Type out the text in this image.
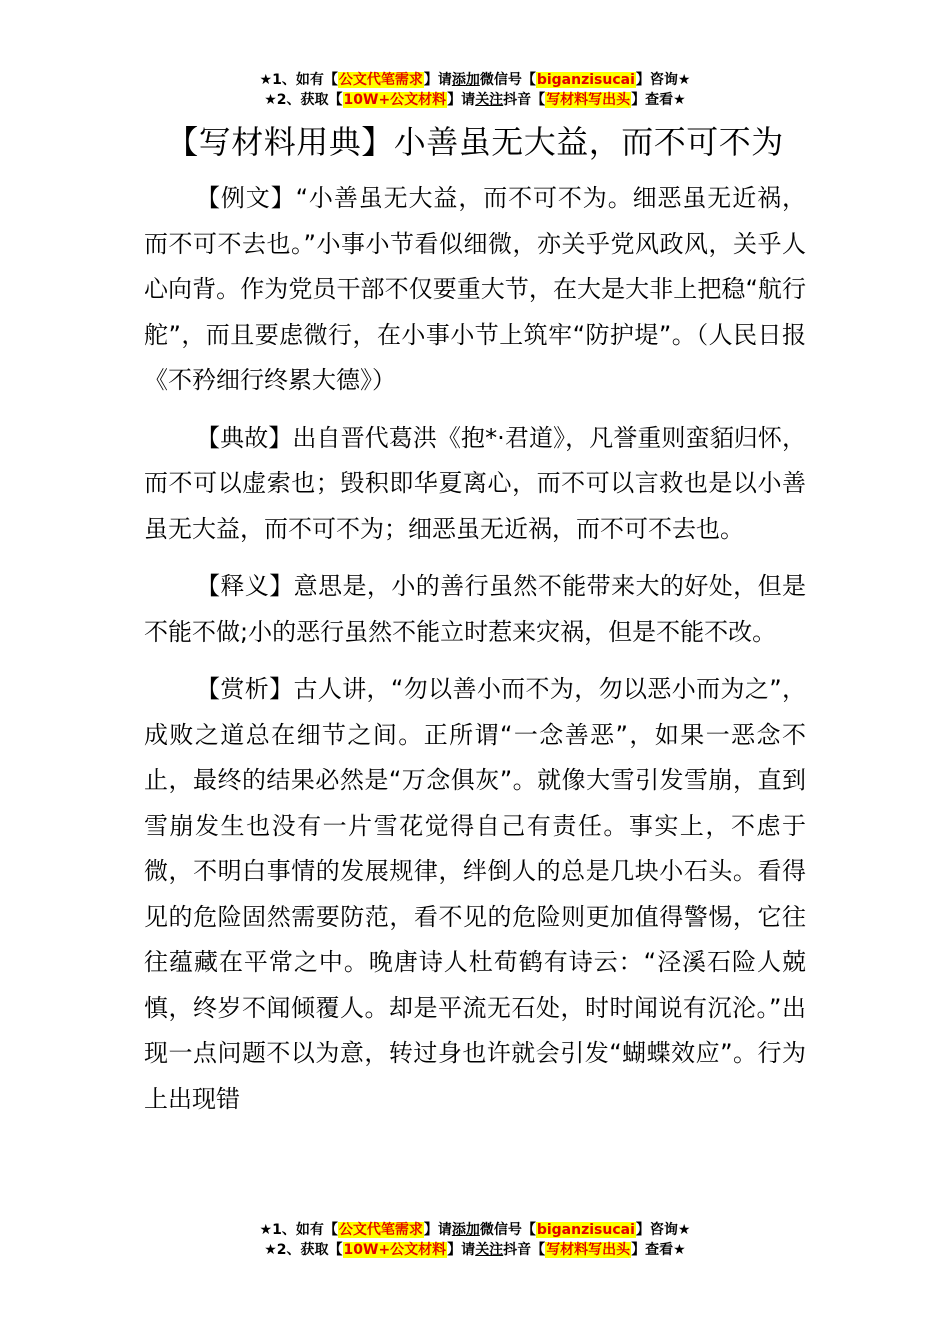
★1、如有【公文代笔需求】请添加微信号【biganzisucai】咨询★
★2、获取【10W+公文材料】请关注抖音【写材料写出头】查看★
【写材料用典】小善虽无大益，而不可不为

【例文】“小善虽无大益，而不可不为。细恶虽无近祸，而不可不去也。”小事小节看似细微，亦关乎党风政风，关乎人心向背。作为党员干部不仅要重大节，在大是大非上把稳“航行舵”，而且要虑微行，在小事小节上筑牢“防护堤”。（人民日报《不矜细行终累大德》）

【典故】出自晋代葛洪《抱*·君道》，凡誉重则蛮貊归怀，而不可以虚索也；毁积即华夏离心，而不可以言救也是以小善虽无大益，而不可不为；细恶虽无近祸，而不可不去也。

【释义】意思是，小的善行虽然不能带来大的好处，但是不能不做;小的恶行虽然不能立时惹来灾祸，但是不能不改。

【赏析】古人讲，“勿以善小而不为，勿以恶小而为之”，成败之道总在细节之间。正所谓“一念善恶”，如果一恶念不止，最终的结果必然是“万念俱灰”。就像大雪引发雪崩，直到雪崩发生也没有一片雪花觉得自己有责任。事实上，不虑于微，不明白事情的发展规律，绊倒人的总是几块小石头。看得见的危险固然需要防范，看不见的危险则更加值得警惕，它往往蕴藏在平常之中。晚唐诗人杜荀鹤有诗云：“泾溪石险人兢慎，终岁不闻倾覆人。却是平流无石处，时时闻说有沉沦。”出现一点问题不以为意，转过身也许就会引发“蝴蝶效应”。行为上出现错

★1、如有【公文代笔需求】请添加微信号【biganzisucai】咨询★
★2、获取【10W+公文材料】请关注抖音【写材料写出头】查看★
